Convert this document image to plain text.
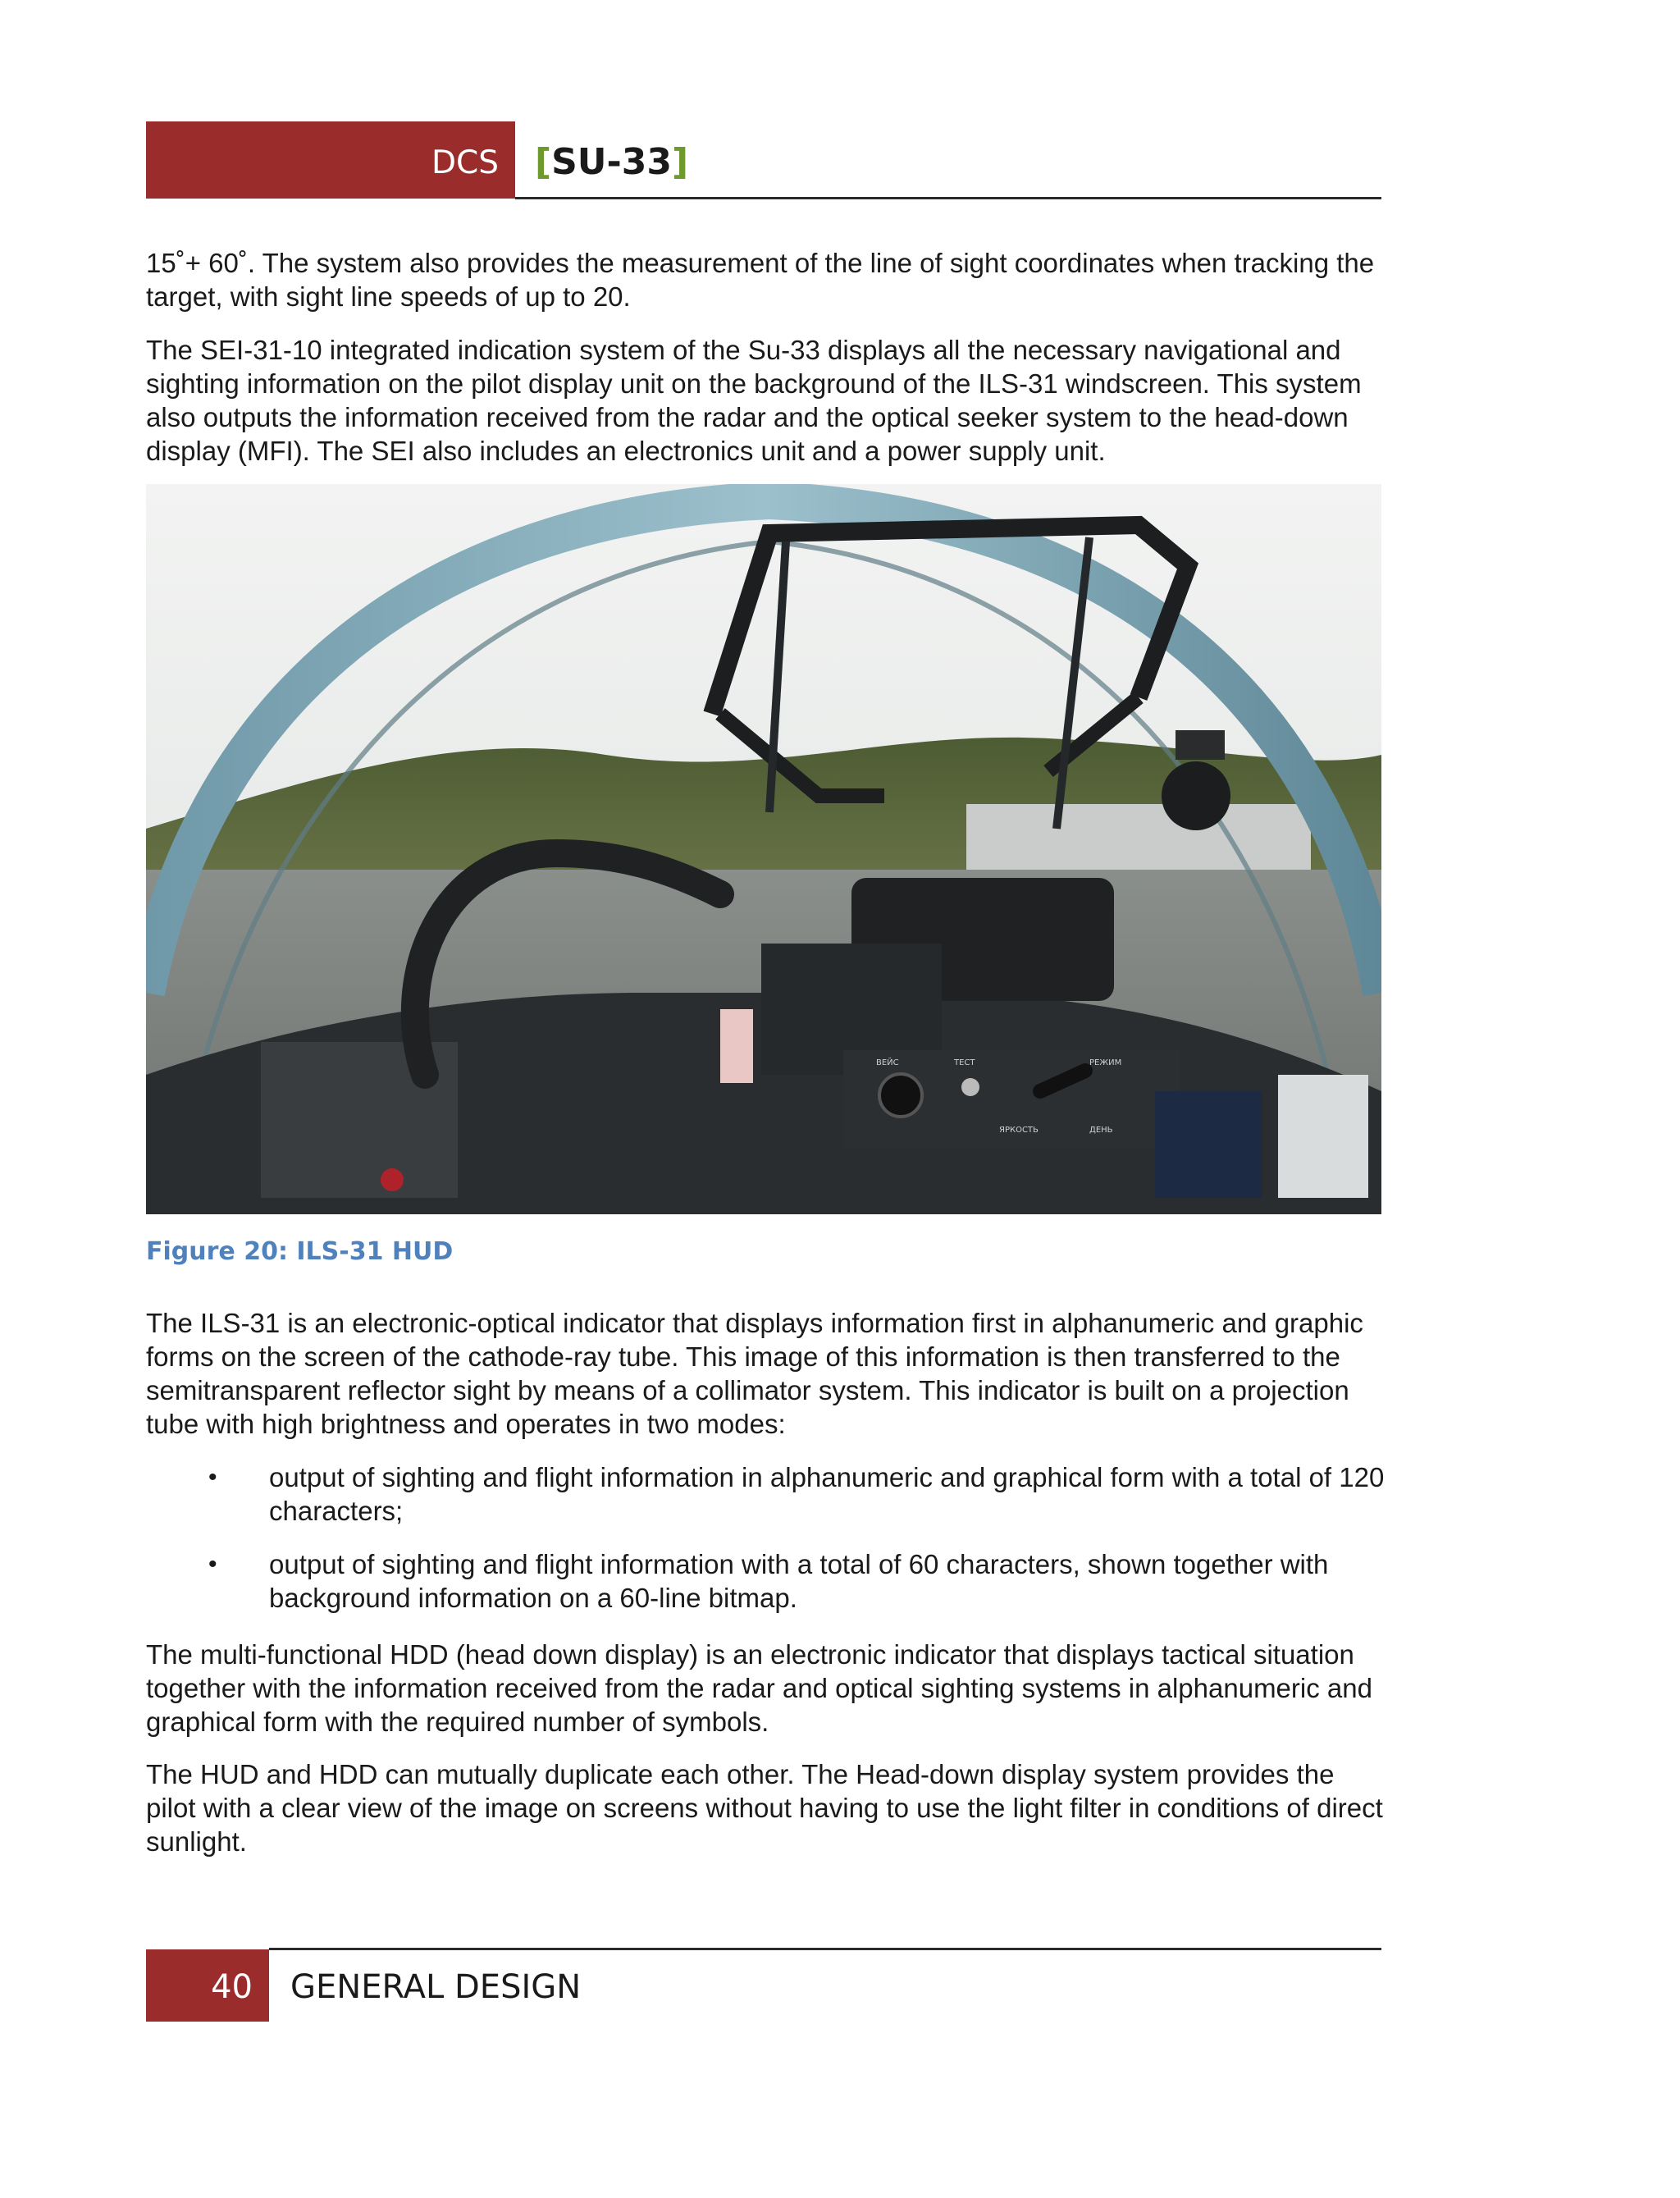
DCS [SU-33]

15˚+ 60˚. The system also provides the measurement of the line of sight coordinates when tracking the target, with sight line speeds of up to 20.

The SEI-31-10 integrated indication system of the Su-33 displays all the necessary navigational and sighting information on the pilot display unit on the background of the ILS-31 windscreen. This system also outputs the information received from the radar and the optical seeker system to the head-down display (MFI). The SEI also includes an electronics unit and a power supply unit.

ВЕЙС	ТЕСТ	РЕЖИМ
ЯРКОСТЬ	ДЕНЬ
Figure 20: ILS-31 HUD

The ILS-31 is an electronic-optical indicator that displays information first in alphanumeric and graphic forms on the screen of the cathode-ray tube. This image of this information is then transferred to the semitransparent reflector sight by means of a collimator system. This indicator is built on a projection tube with high brightness and operates in two modes:

• output of sighting and flight information in alphanumeric and graphical form with a total of 120 characters;
• output of sighting and flight information with a total of 60 characters, shown together with background information on a 60-line bitmap.

The multi-functional HDD (head down display) is an electronic indicator that displays tactical situation together with the information received from the radar and optical sighting systems in alphanumeric and graphical form with the required number of symbols.

The HUD and HDD can mutually duplicate each other. The Head-down display system provides the pilot with a clear view of the image on screens without having to use the light filter in conditions of direct sunlight.

40	GENERAL DESIGN
